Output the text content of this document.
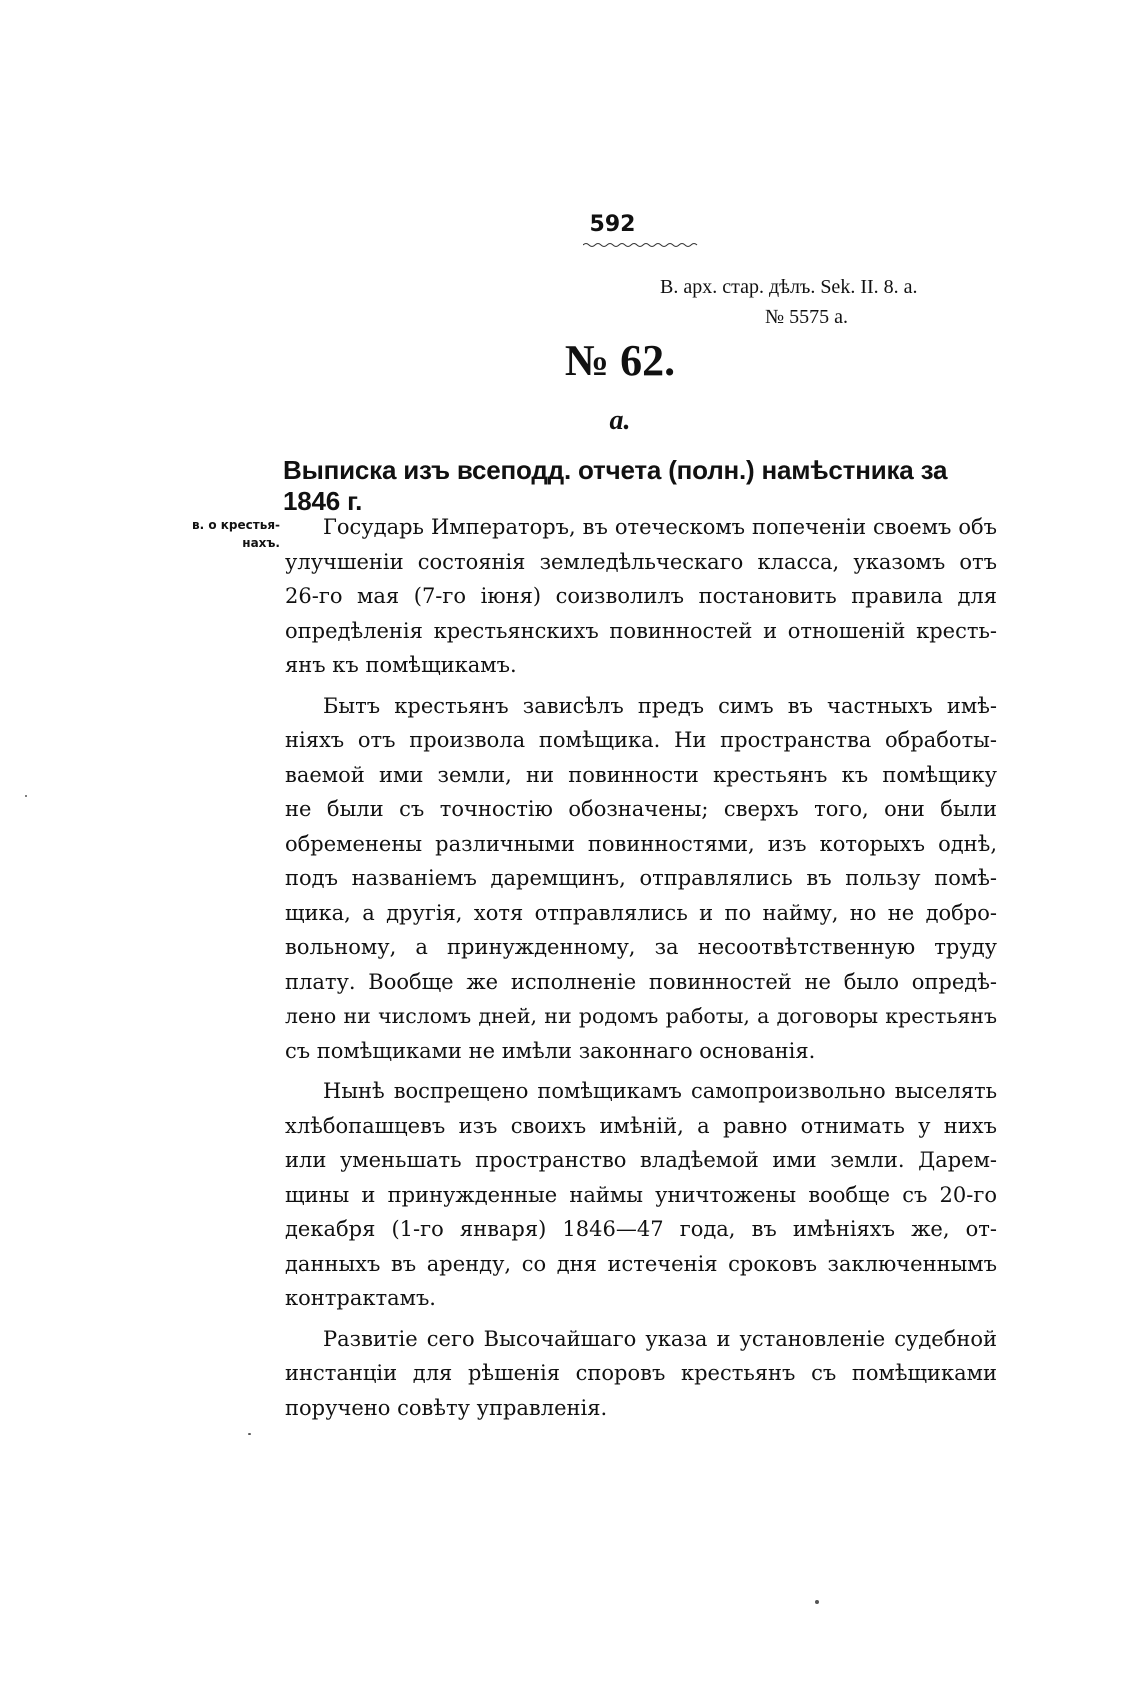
592
В. арх. стар. дѣлъ. Sek. II. 8. а.
№ 5575 а.
№ 62.
а.
Выписка изъ всеподд. отчета (полн.) намѣстника за 1846 г.
в. о крестья-нахъ.
Государь Императоръ, въ отеческомъ попеченіи своемъ объ
улучшеніи состоянія земледѣльческаго класса, указомъ отъ
26-го мая (7-го іюня) соизволилъ постановить правила для
опредѣленія крестьянскихъ повинностей и отношеній кресть-
янъ къ помѣщикамъ.
Бытъ крестьянъ зависѣлъ предъ симъ въ частныхъ имѣ-
ніяхъ отъ произвола помѣщика. Ни пространства обработы-
ваемой ими земли, ни повинности крестьянъ къ помѣщику
не были съ точностію обозначены; сверхъ того, они были
обременены различными повинностями, изъ которыхъ однѣ,
подъ названіемъ даремщинъ, отправлялись въ пользу помѣ-
щика, а другія, хотя отправлялись и по найму, но не добро-
вольному, а принужденному, за несоотвѣтственную труду
плату. Вообще же исполненіе повинностей не было опредѣ-
лено ни числомъ дней, ни родомъ работы, а договоры крестьянъ
съ помѣщиками не имѣли законнаго основанія.
Нынѣ воспрещено помѣщикамъ самопроизвольно выселять
хлѣбопашцевъ изъ своихъ имѣній, а равно отнимать у нихъ
или уменьшать пространство владѣемой ими земли. Дарем-
щины и принужденные наймы уничтожены вообще съ 20-го
декабря (1-го января) 1846—47 года, въ имѣніяхъ же, от-
данныхъ въ аренду, со дня истеченія сроковъ заключеннымъ
контрактамъ.
Развитіе сего Высочайшаго указа и установленіе судебной
инстанціи для рѣшенія споровъ крестьянъ съ помѣщиками
поручено совѣту управленія.
